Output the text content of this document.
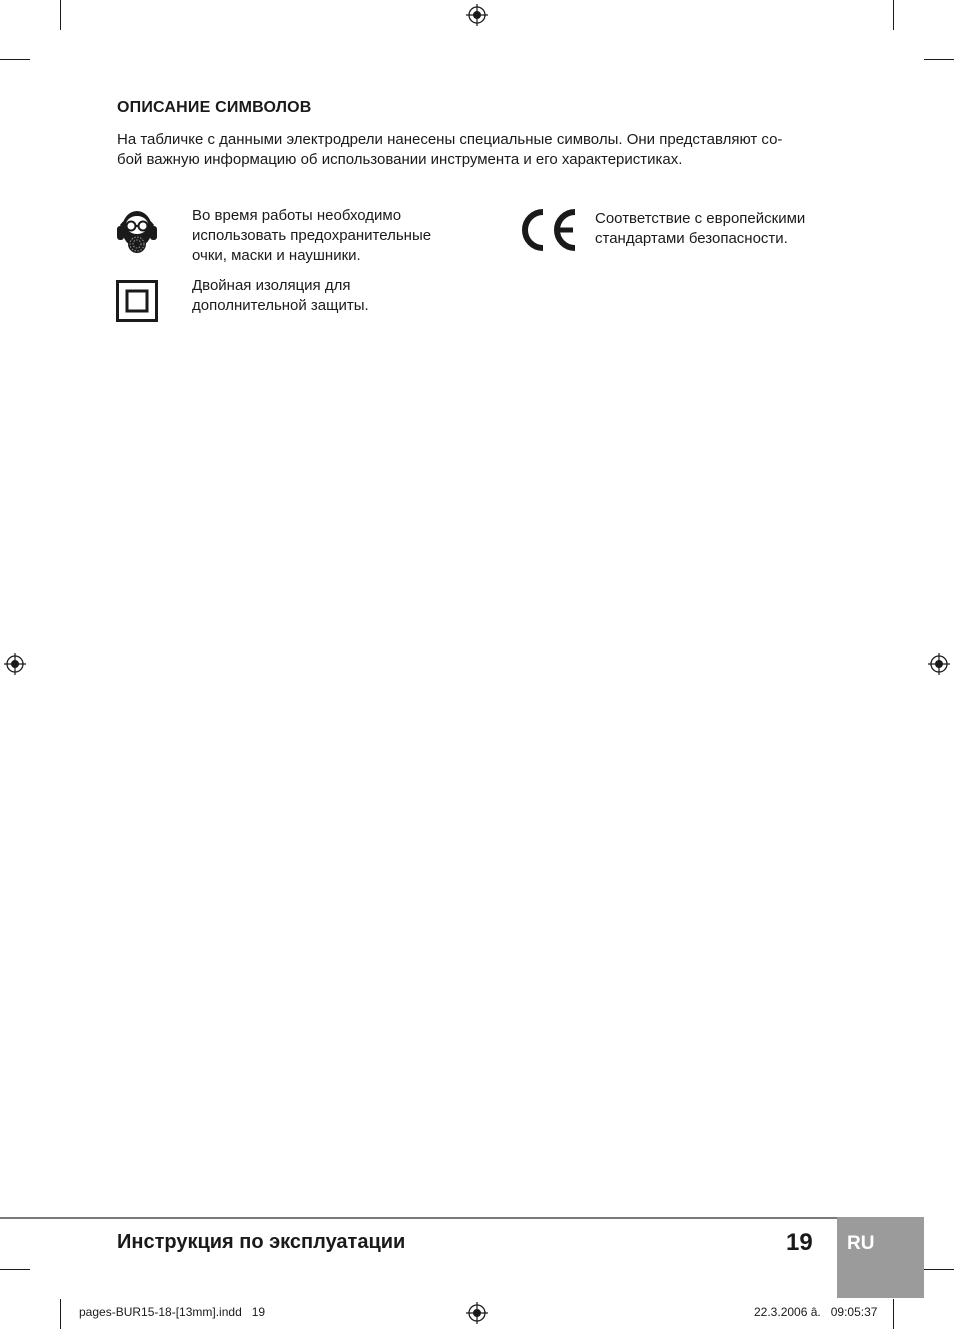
ОПИСАНИЕ СИМВОЛОВ
На табличке с данными электродрели нанесены специальные символы. Они представляют со-
бой важную информацию об использовании инструмента и его характеристиках.
Во время работы необходимо
использовать предохранительные
очки, маски и наушники.
Двойная изоляция для
дополнительной защиты.
Соответствие с европейскими
стандартами безопасности.
Инструкция по эксплуатации	19 RU
pages-BUR15-18-[13mm].indd   19	22.3.2006 â.   09:05:37
